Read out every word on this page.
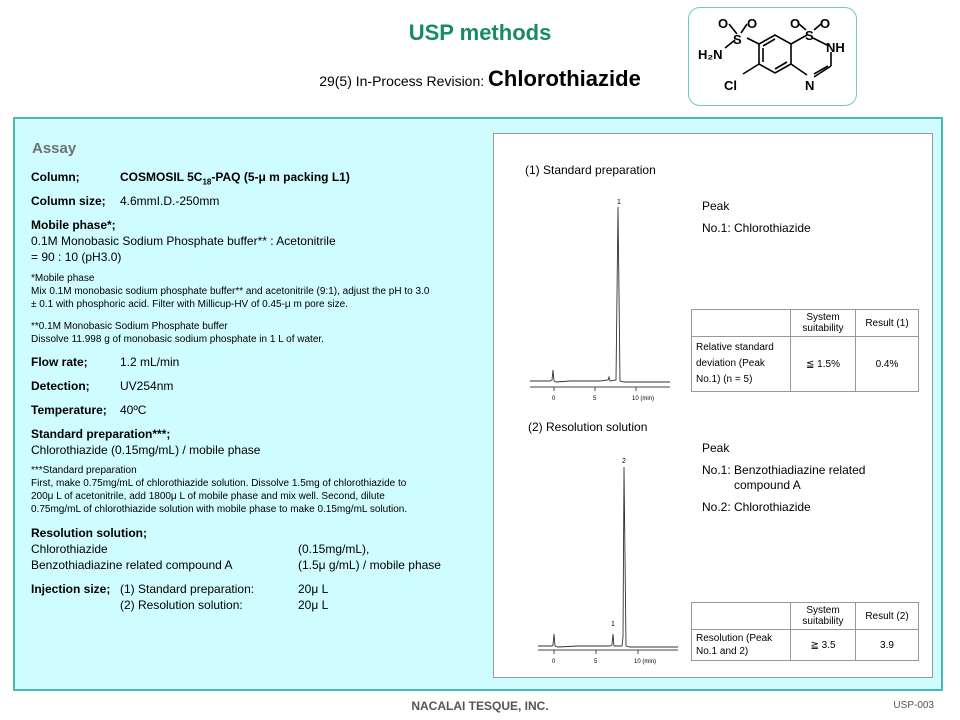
USP methods
29(5) In-Process Revision: Chlorothiazide
O O	O O
S	S
H₂N	NH
N
Cl
Assay
Column;	COSMOSIL $5C_{18}$-PAQ (5-μ m packing L1)
Column size; 4.6mmI.D.-250mm
Mobile phase*;
0.1M Monobasic Sodium Phosphate buffer** : Acetonitrile
= 90 : 10 (pH3.0)
*Mobile phase
Mix 0.1M monobasic sodium phosphate buffer** and acetonitrile (9:1), adjust the pH to 3.0
± 0.1 with phosphoric acid. Filter with Millicup-HV of 0.45-μ m pore size.
**0.1M Monobasic Sodium Phosphate buffer
Dissolve 11.998 g of monobasic sodium phosphate in 1 L of water.
Flow rate;	1.2 mL/min
Detection;	UV254nm
Temperature; 40ºC
Standard preparation***;
Chlorothiazide (0.15mg/mL) / mobile phase
***Standard preparation
First, make 0.75mg/mL of chlorothiazide solution. Dissolve 1.5mg of chlorothiazide to
200μ L of acetonitrile, add 1800μ L of mobile phase and mix well. Second, dilute
0.75mg/mL of chlorothiazide solution with mobile phase to make 0.15mg/mL solution.
Resolution solution;
Chlorothiazide	(0.15mg/mL),
Benzothiadiazine related compound A	(1.5μ g/mL) / mobile phase
Injection size; (1) Standard preparation:	20μ L
(2) Resolution solution:	20μ L
(1) Standard preparation
0	5	10 (min)
1	Peak
No.1: Chlorothiazide
	System suitability	Result (1)
Relative standard deviation (Peak No.1) (n = 5)	≦ 1.5%	0.4%
(2) Resolution solution
0	5	10 (min)
1
2
Peak
No.1: Benzothiadiazine related
compound A
No.2: Chlorothiazide
	System suitability	Result (2)
Resolution (Peak No.1 and 2)	≧ 3.5	3.9
NACALAI TESQUE, INC.	USP-003
